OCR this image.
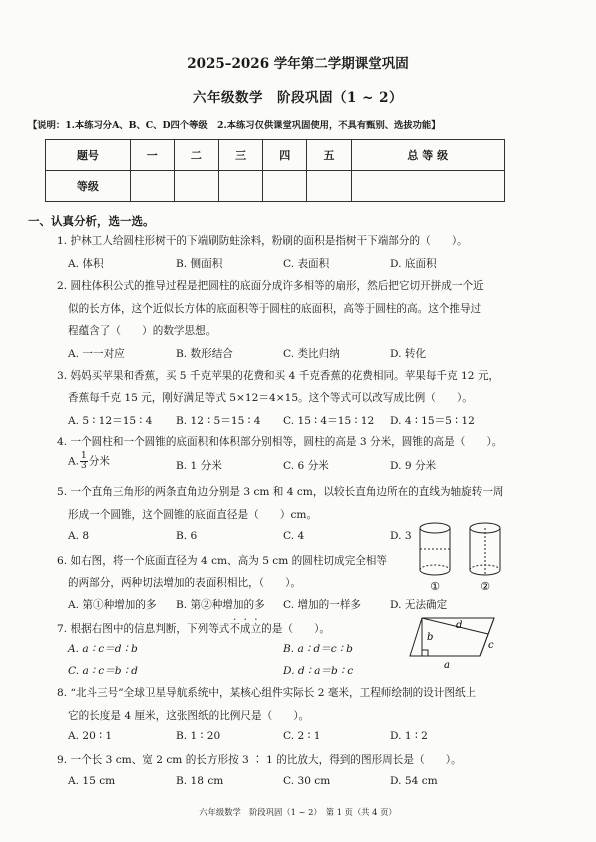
2025–2026 学年第二学期课堂巩固
六年级数学　阶段巩固（1 ~ 2）
【说明：1.本练习分A、B、C、D四个等级　2.本练习仅供课堂巩固使用，不具有甄别、选拔功能】
题号	一	二	三	四	五	总 等 级
等级						
一、认真分析，选一选。
1. 护林工人给圆柱形树干的下端刷防蛀涂料，粉刷的面积是指树干下端部分的（　　）。
A. 体积	B. 侧面积	C. 表面积	D. 底面积
2. 圆柱体积公式的推导过程是把圆柱的底面分成许多相等的扇形，然后把它切开拼成一个近
似的长方体，这个近似长方体的底面积等于圆柱的底面积，高等于圆柱的高。这个推导过
程蕴含了（　　）的数学思想。
A. 一一对应	B. 数形结合	C. 类比归纳	D. 转化
3. 妈妈买苹果和香蕉，买 5 千克苹果的花费和买 4 千克香蕉的花费相同。苹果每千克 12 元，
香蕉每千克 15 元，刚好满足等式 5×12＝4×15。这个等式可以改写成比例（　　）。
A. 5 ∶ 12＝15 ∶ 4 B. 12 ∶ 5＝15 ∶ 4 C. 15 ∶ 4＝15 ∶ 12 D. 4 ∶ 15＝5 ∶ 12
4. 一个圆柱和一个圆锥的底面积和体积部分别相等，圆柱的高是 3 分米，圆锥的高是（　　）。
A. $\frac{1}{3}$ 分米	B. 1 分米	C. 6 分米	D. 9 分米
5. 一个直角三角形的两条直角边分别是 3 cm 和 4 cm，以较长直角边所在的直线为轴旋转一周
形成一个圆锥，这个圆锥的底面直径是（　　）cm。
A. 8	B. 6	C. 4	D. 3
①	②
6. 如右图，将一个底面直径为 4 cm、高为 5 cm 的圆柱切成完全相等
的两部分，两种切法增加的表面积相比，（　　）。
A. 第①种增加的多 B. 第②种增加的多 C. 增加的一样多	D. 无法确定
7. 根据右图中的信息判断，下列等式不成立的是（　　）。
A. a ∶ c＝d ∶ b	B. a ∶ d＝c ∶ b
C. a ∶ c＝b ∶ d	D. d ∶ a＝b ∶ c
b
d
c
a
8. “北斗三号”全球卫星导航系统中，某核心组件实际长 2 毫米，工程师绘制的设计图纸上
它的长度是 4 厘米，这张图纸的比例尺是（　　）。
A. 20 ∶ 1	B. 1 ∶ 20	C. 2 ∶ 1	D. 1 ∶ 2
9. 一个长 3 cm、宽 2 cm 的长方形按 3 ∶ 1 的比放大，得到的图形周长是（　　）。
A. 15 cm	B. 18 cm	C. 30 cm	D. 54 cm
六年级数学　阶段巩固（1 ~ 2）　第 1 页（共 4 页）
